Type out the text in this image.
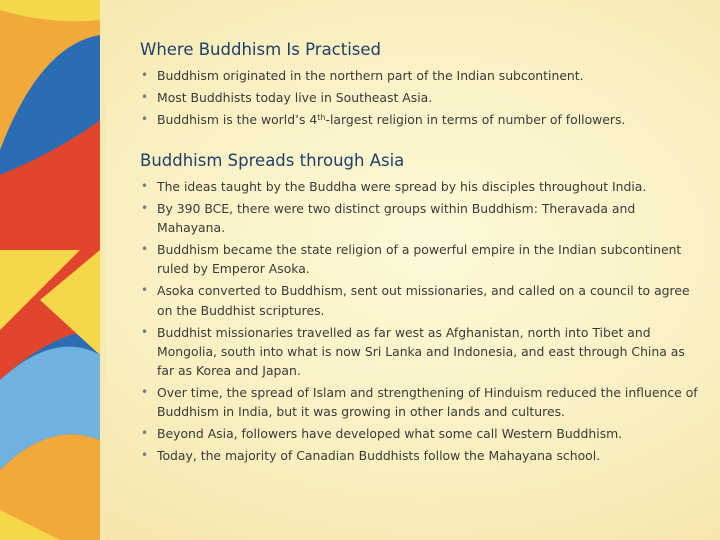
Where Buddhism Is Practised
• Buddhism originated in the northern part of the Indian subcontinent.
• Most Buddhists today live in Southeast Asia.
• Buddhism is the world’s 4th-largest religion in terms of number of followers.
Buddhism Spreads through Asia
• The ideas taught by the Buddha were spread by his disciples throughout India.
• By 390 BCE, there were two distinct groups within Buddhism: Theravada and Mahayana.
• Buddhism became the state religion of a powerful empire in the Indian subcontinent ruled by Emperor Asoka.
• Asoka converted to Buddhism, sent out missionaries, and called on a council to agree on the Buddhist scriptures.
• Buddhist missionaries travelled as far west as Afghanistan, north into Tibet and Mongolia, south into what is now Sri Lanka and Indonesia, and east through China as far as Korea and Japan.
• Over time, the spread of Islam and strengthening of Hinduism reduced the influence of Buddhism in India, but it was growing in other lands and cultures.
• Beyond Asia, followers have developed what some call Western Buddhism.
• Today, the majority of Canadian Buddhists follow the Mahayana school.
